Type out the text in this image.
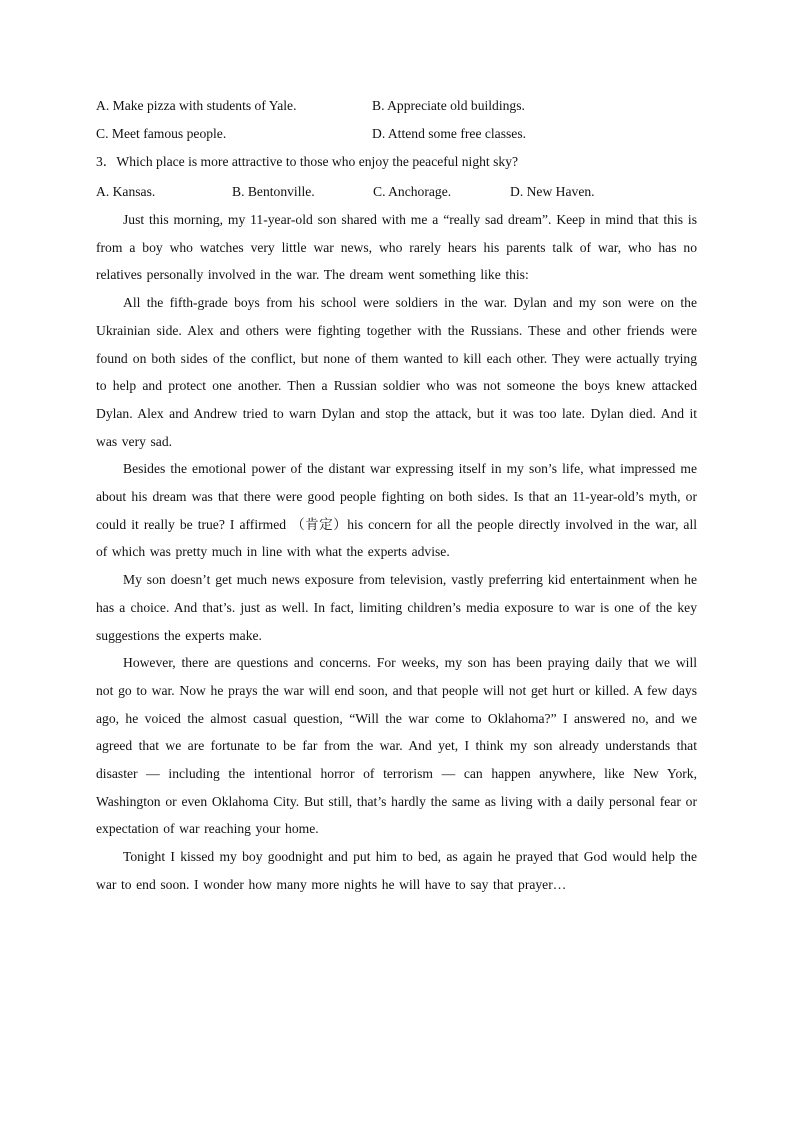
A. Make pizza with students of Yale.	B. Appreciate old buildings.
C. Meet famous people.	D. Attend some free classes.
3．Which place is more attractive to those who enjoy the peaceful night sky?
A. Kansas.	B. Bentonville.	C. Anchorage.	D. New Haven.

Just this morning, my 11-year-old son shared with me a “really sad dream”. Keep in mind that this is from a boy who watches very little war news, who rarely hears his parents talk of war, who has no relatives personally involved in the war. The dream went something like this:

All the fifth-grade boys from his school were soldiers in the war. Dylan and my son were on the Ukrainian side. Alex and others were fighting together with the Russians. These and other friends were found on both sides of the conflict, but none of them wanted to kill each other. They were actually trying to help and protect one another. Then a Russian soldier who was not someone the boys knew attacked Dylan. Alex and Andrew tried to warn Dylan and stop the attack, but it was too late. Dylan died. And it was very sad.

Besides the emotional power of the distant war expressing itself in my son’s life, what impressed me about his dream was that there were good people fighting on both sides. Is that an 11-year-old’s myth, or could it really be true? I affirmed （肯定）his concern for all the people directly involved in the war, all of which was pretty much in line with what the experts advise.

My son doesn’t get much news exposure from television, vastly preferring kid entertainment when he has a choice. And that’s. just as well. In fact, limiting children’s media exposure to war is one of the key suggestions the experts make.

However, there are questions and concerns. For weeks, my son has been praying daily that we will not go to war. Now he prays the war will end soon, and that people will not get hurt or killed. A few days ago, he voiced the almost casual question, “Will the war come to Oklahoma?” I answered no, and we agreed that we are fortunate to be far from the war. And yet, I think my son already understands that disaster — including the intentional horror of terrorism — can happen anywhere, like New York, Washington or even Oklahoma City. But still, that’s hardly the same as living with a daily personal fear or expectation of war reaching your home.

Tonight I kissed my boy goodnight and put him to bed, as again he prayed that God would help the war to end soon. I wonder how many more nights he will have to say that prayer…
